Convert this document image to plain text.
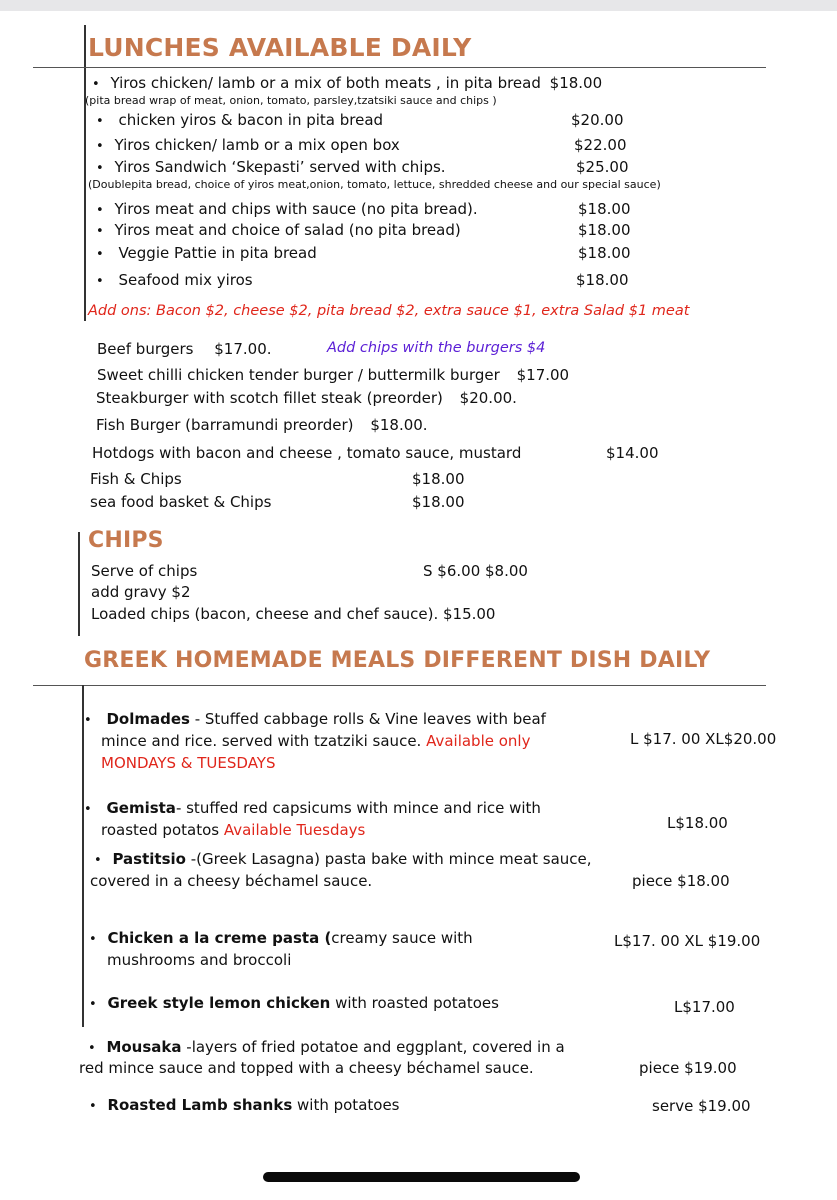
LUNCHES AVAILABLE DAILY
• Yiros chicken/ lamb or a mix of both meats , in pita bread $18.00
(pita bread wrap of meat, onion, tomato, parsley,tzatsiki sauce and chips )
• chicken yiros & bacon in pita bread	$20.00
• Yiros chicken/ lamb or a mix open box	$22.00
• Yiros Sandwich ‘Skepasti’ served with chips.	$25.00
(Doublepita bread, choice of yiros meat,onion, tomato, lettuce, shredded cheese and our special sauce)
• Yiros meat and chips with sauce (no pita bread).	$18.00
• Yiros meat and choice of salad (no pita bread)	$18.00
• Veggie Pattie in pita bread	$18.00
• Seafood mix yiros	$18.00
Add ons: Bacon $2, cheese $2, pita bread $2, extra sauce $1, extra Salad $1 meat
Beef burgers $17.00.	Add chips with the burgers $4
Sweet chilli chicken tender burger / buttermilk burger $17.00
Steakburger with scotch fillet steak (preorder) $20.00.
Fish Burger (barramundi preorder) $18.00.
Hotdogs with bacon and cheese , tomato sauce, mustard	$14.00
Fish & Chips	$18.00
sea food basket & Chips	$18.00
CHIPS
Serve of chips	S $6.00 $8.00
add gravy $2
Loaded chips (bacon, cheese and chef sauce). $15.00
GREEK HOMEMADE MEALS DIFFERENT DISH DAILY
• Dolmades - Stuffed cabbage rolls & Vine leaves with beaf
mince and rice. served with tzatziki sauce. Available only
MONDAYS & TUESDAYS
L $17. 00 XL$20.00
• Gemista- stuffed red capsicums with mince and rice with
roasted potatos Available Tuesdays	L$18.00
• Pastitsio -(Greek Lasagna) pasta bake with mince meat sauce,
covered in a cheesy béchamel sauce.	piece $18.00
• Chicken a la creme pasta (creamy sauce with
mushrooms and broccoli
L$17. 00 XL $19.00
• Greek style lemon chicken with roasted potatoes	L$17.00
• Mousaka -layers of fried potatoe and eggplant, covered in a
red mince sauce and topped with a cheesy béchamel sauce.	piece $19.00
• Roasted Lamb shanks with potatoes	serve $19.00
